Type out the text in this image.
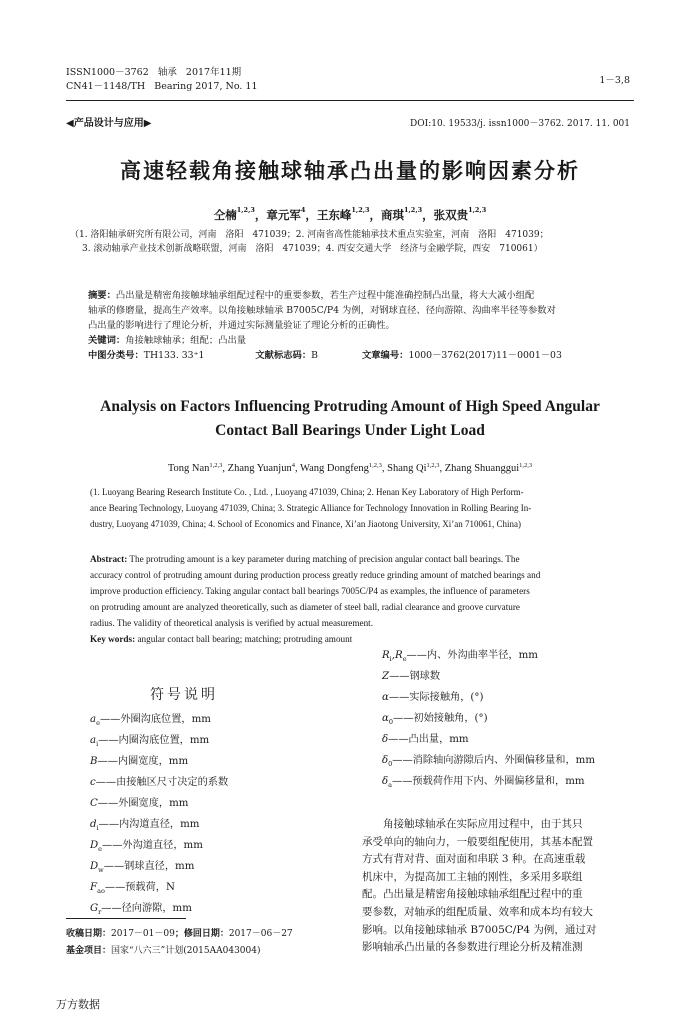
ISSN1000－3762 轴承 2017年11期
CN41－1148/TH Bearing 2017, No. 11
1－3,8
◀产品设计与应用▶	DOI:10. 19533/j. issn1000－3762. 2017. 11. 001
高速轻载角接触球轴承凸出量的影响因素分析
仝楠$^{1,2,3}$，章元军$^4$，王东峰$^{1,2,3}$，商琪$^{1,2,3}$，张双贵$^{1,2,3}$
（1. 洛阳轴承研究所有限公司，河南　洛阳　471039；2. 河南省高性能轴承技术重点实验室，河南　洛阳　471039；
3. 滚动轴承产业技术创新战略联盟，河南　洛阳　471039；4. 西安交通大学　经济与金融学院，西安　710061）
摘要：凸出量是精密角接触球轴承组配过程中的重要参数，若生产过程中能准确控制凸出量，将大大减小组配
轴承的修磨量，提高生产效率。以角接触球轴承 B7005C/P4 为例，对钢球直径、径向游隙、沟曲率半径等参数对
凸出量的影响进行了理论分析，并通过实际测量验证了理论分析的正确性。
关键词：角接触球轴承；组配；凸出量
中图分类号：TH133. 33⁺1	文献标志码：B	文章编号：1000－3762(2017)11－0001－03
Analysis on Factors Influencing Protruding Amount of High Speed Angular
Contact Ball Bearings Under Light Load
Tong Nan$^{1,2,3}$, Zhang Yuanjun$^4$, Wang Dongfeng$^{1,2,3}$, Shang Qi$^{1,2,3}$, Zhang Shuanggui$^{1,2,3}$
(1. Luoyang Bearing Research Institute Co. , Ltd. , Luoyang 471039, China; 2. Henan Key Laboratory of High Perform-
ance Bearing Technology, Luoyang 471039, China; 3. Strategic Alliance for Technology Innovation in Rolling Bearing In-
dustry, Luoyang 471039, China; 4. School of Economics and Finance, Xi’an Jiaotong University, Xi’an 710061, China)
Abstract: The protruding amount is a key parameter during matching of precision angular contact ball bearings. The
accuracy control of protruding amount during production process greatly reduce grinding amount of matched bearings and
improve production efficiency. Taking angular contact ball bearings 7005C/P4 as examples, the influence of parameters
on protruding amount are analyzed theoretically, such as diameter of steel ball, radial clearance and groove curvature
radius. The validity of theoretical analysis is verified by actual measurement.
Key words: angular contact ball bearing; matching; protruding amount
符号说明
$a_e——$外圈沟底位置，mm
$a_i——$内圈沟底位置，mm
B——内圈宽度，mm
c——由接触区尺寸决定的系数
C——外圈宽度，mm
$d_i——$内沟道直径，mm
$D_e——$外沟道直径，mm
$D_w——$钢球直径，mm
$F_{ao}——$预载荷，N
$G_r——$径向游隙，mm
$R_i,R_e——$内、外沟曲率半径，mm
Z——钢球数
α——实际接触角，(°)
$\alpha_0——$初始接触角，(°)
δ——凸出量，mm
$\delta_0——$消除轴向游隙后内、外圈偏移量和，mm
$\delta_a——$预载荷作用下内、外圈偏移量和，mm
　　角接触球轴承在实际应用过程中，由于其只
承受单向的轴向力，一般要组配使用，其基本配置
方式有背对背、面对面和串联 3 种。在高速重载
机床中，为提高加工主轴的刚性，多采用多联组
配。凸出量是精密角接触球轴承组配过程中的重
要参数，对轴承的组配质量、效率和成本均有较大
影响。以角接触球轴承 B7005C/P4 为例，通过对
影响轴承凸出量的各参数进行理论分析及精准测
收稿日期：2017－01－09；修回日期：2017－06－27
基金项目：国家“八六三”计划(2015AA043004)
万方数据
